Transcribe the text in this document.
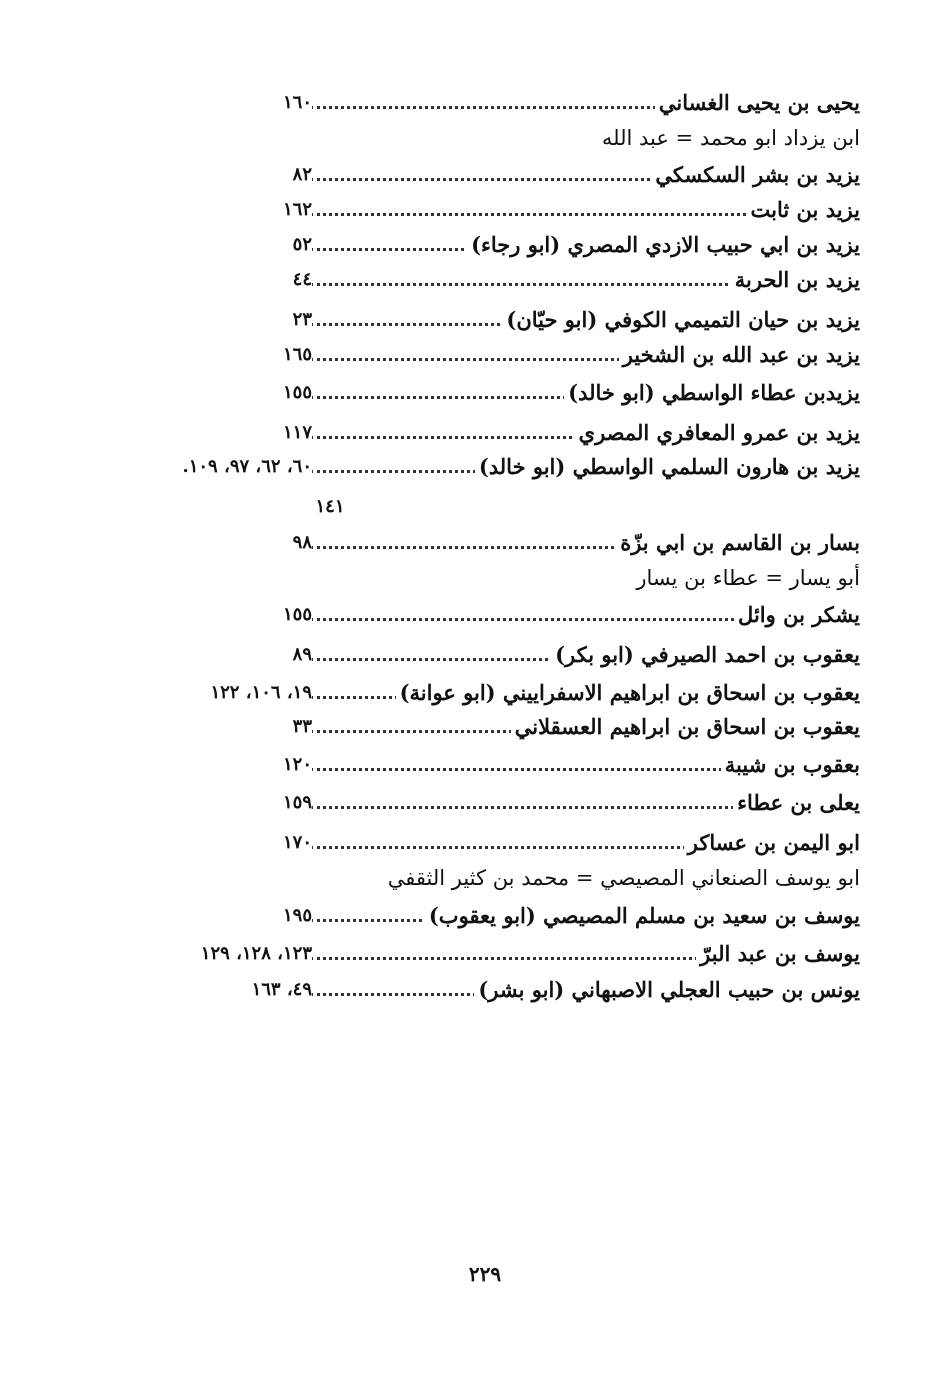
يحيى بن يحيى الغساني
١٦٠
ابن يزداد ابو محمد = عبد الله
يزيد بن بشر السكسكي
٨٢
يزيد بن ثابت
١٦٢
يزيد بن ابي حبيب الازدي المصري (ابو رجاء)
٥٢
يزيد بن الحربة
٤٤
يزيد بن حيان التميمي الكوفي (ابو حيّان)
٢٣
يزيد بن عبد الله بن الشخير
١٦٥
يزيدبن عطاء الواسطي (ابو خالد)
١٥٥
يزيد بن عمرو المعافري المصري
١١٧
يزيد بن هارون السلمي الواسطي (ابو خالد)
٦٠، ٦٢، ٩٧، ١٠٩.
بسار بن القاسم بن ابي بزّة
٩٨
أبو يسار = عطاء بن يسار
يشكر بن وائل
١٥٥
يعقوب بن احمد الصيرفي (ابو بكر)
٨٩
يعقوب بن اسحاق بن ابراهيم الاسفراييني (ابو عوانة)
١٩، ١٠٦، ١٢٢
يعقوب بن اسحاق بن ابراهيم العسقلاني
٣٣
بعقوب بن شيبة
١٢٠
يعلى بن عطاء
١٥٩
ابو اليمن بن عساكر
١٧٠
ابو يوسف الصنعاني المصيصي = محمد بن كثير الثقفي
يوسف بن سعيد بن مسلم المصيصي (ابو يعقوب)
١٩٥
يوسف بن عبد البرّ
١٢٣، ١٢٨، ١٢٩
يونس بن حبيب العجلي الاصبهاني (ابو بشر)
٤٩، ١٦٣
١٤١
٢٢٩
